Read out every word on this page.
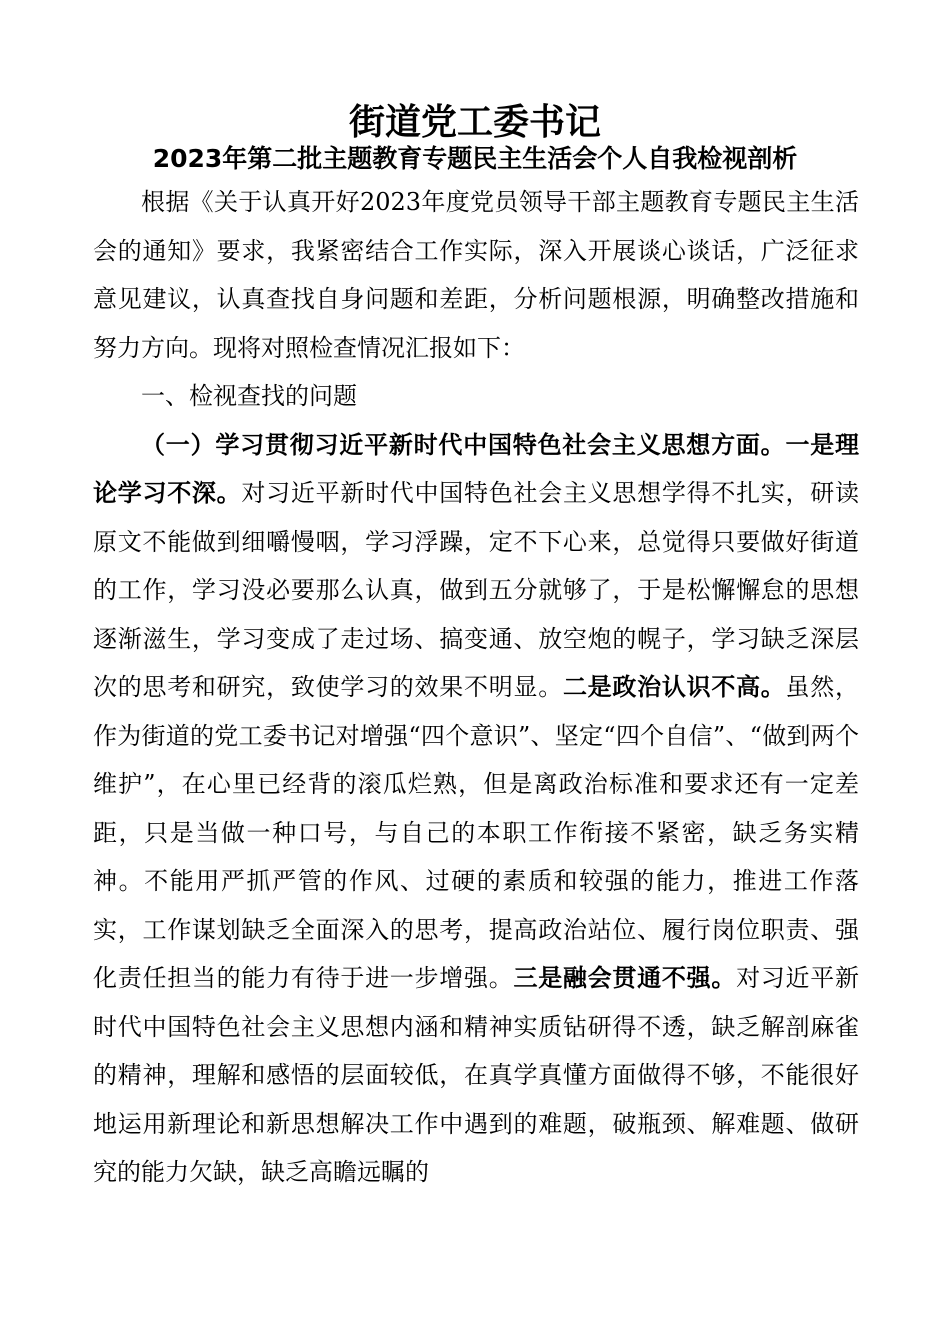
街道党工委书记
2023年第二批主题教育专题民主生活会个人自我检视剖析

根据《关于认真开好2023年度党员领导干部主题教育专题民主生活会的通知》要求，我紧密结合工作实际，深入开展谈心谈话，广泛征求意见建议，认真查找自身问题和差距，分析问题根源，明确整改措施和努力方向。现将对照检查情况汇报如下：

一、检视查找的问题

（一）学习贯彻习近平新时代中国特色社会主义思想方面。一是理论学习不深。对习近平新时代中国特色社会主义思想学得不扎实，研读原文不能做到细嚼慢咽，学习浮躁，定不下心来，总觉得只要做好街道的工作，学习没必要那么认真，做到五分就够了，于是松懈懈怠的思想逐渐滋生，学习变成了走过场、搞变通、放空炮的幌子，学习缺乏深层次的思考和研究，致使学习的效果不明显。二是政治认识不高。虽然，作为街道的党工委书记对增强“四个意识”、坚定“四个自信”、“做到两个维护”，在心里已经背的滚瓜烂熟，但是离政治标准和要求还有一定差距，只是当做一种口号，与自己的本职工作衔接不紧密，缺乏务实精神。不能用严抓严管的作风、过硬的素质和较强的能力，推进工作落实，工作谋划缺乏全面深入的思考，提高政治站位、履行岗位职责、强化责任担当的能力有待于进一步增强。三是融会贯通不强。对习近平新时代中国特色社会主义思想内涵和精神实质钻研得不透，缺乏解剖麻雀的精神，理解和感悟的层面较低，在真学真懂方面做得不够，不能很好地运用新理论和新思想解决工作中遇到的难题，破瓶颈、解难题、做研究的能力欠缺，缺乏高瞻远瞩的
